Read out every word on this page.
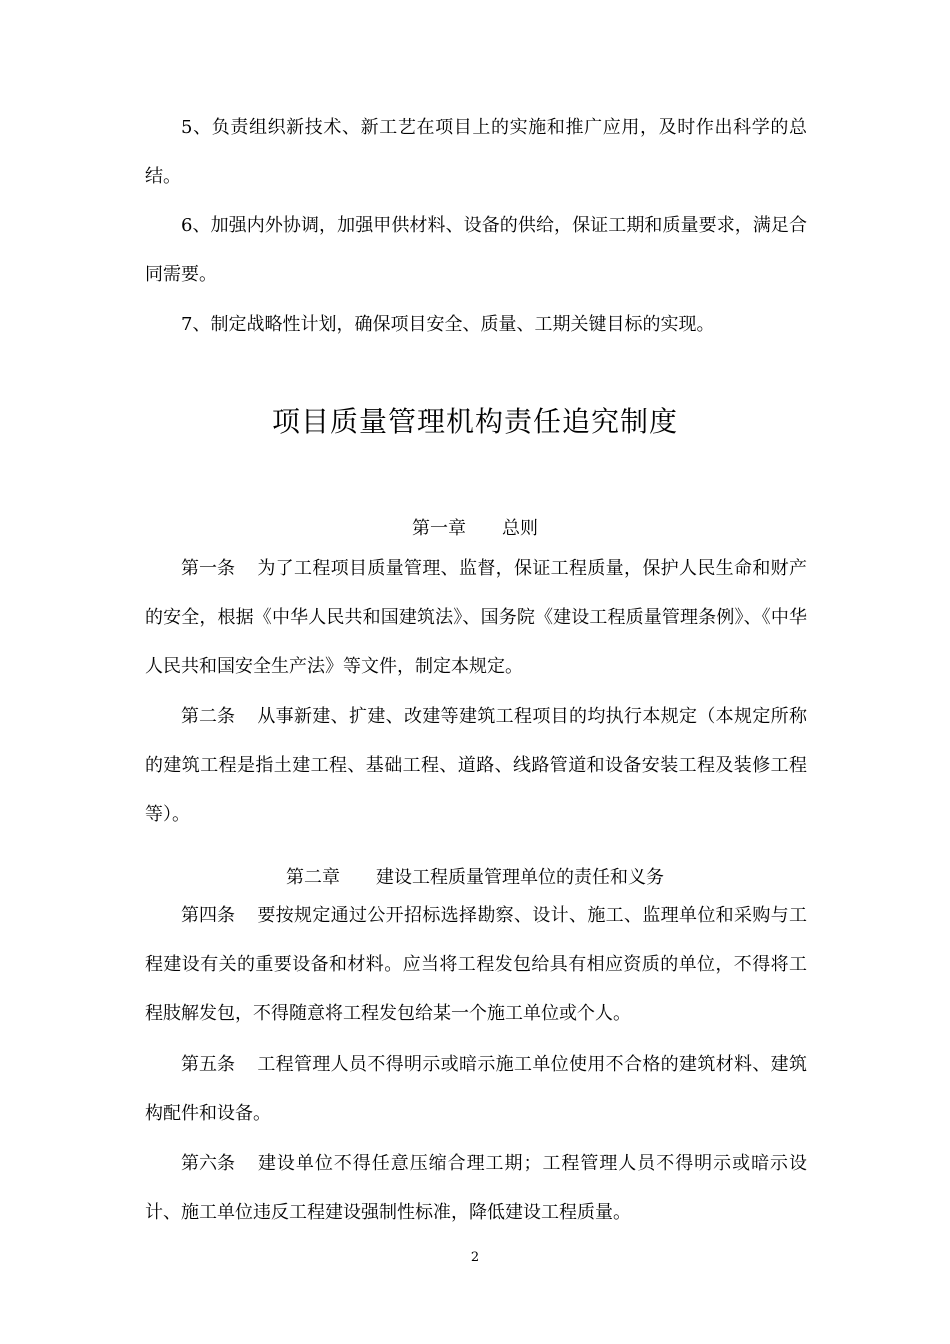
5、负责组织新技术、新工艺在项目上的实施和推广应用，及时作出科学的总结。

6、加强内外协调，加强甲供材料、设备的供给，保证工期和质量要求，满足合同需要。

7、制定战略性计划，确保项目安全、质量、工期关键目标的实现。

项目质量管理机构责任追究制度
第一章 总则

第一条 为了工程项目质量管理、监督，保证工程质量，保护人民生命和财产的安全，根据《中华人民共和国建筑法》、国务院《建设工程质量管理条例》、《中华人民共和国安全生产法》等文件，制定本规定。

第二条 从事新建、扩建、改建等建筑工程项目的均执行本规定（本规定所称的建筑工程是指土建工程、基础工程、道路、线路管道和设备安装工程及装修工程等）。

第二章 建设工程质量管理单位的责任和义务

第四条 要按规定通过公开招标选择勘察、设计、施工、监理单位和采购与工程建设有关的重要设备和材料。应当将工程发包给具有相应资质的单位，不得将工程肢解发包，不得随意将工程发包给某一个施工单位或个人。

第五条 工程管理人员不得明示或暗示施工单位使用不合格的建筑材料、建筑构配件和设备。

第六条 建设单位不得任意压缩合理工期；工程管理人员不得明示或暗示设计、施工单位违反工程建设强制性标准，降低建设工程质量。

2
